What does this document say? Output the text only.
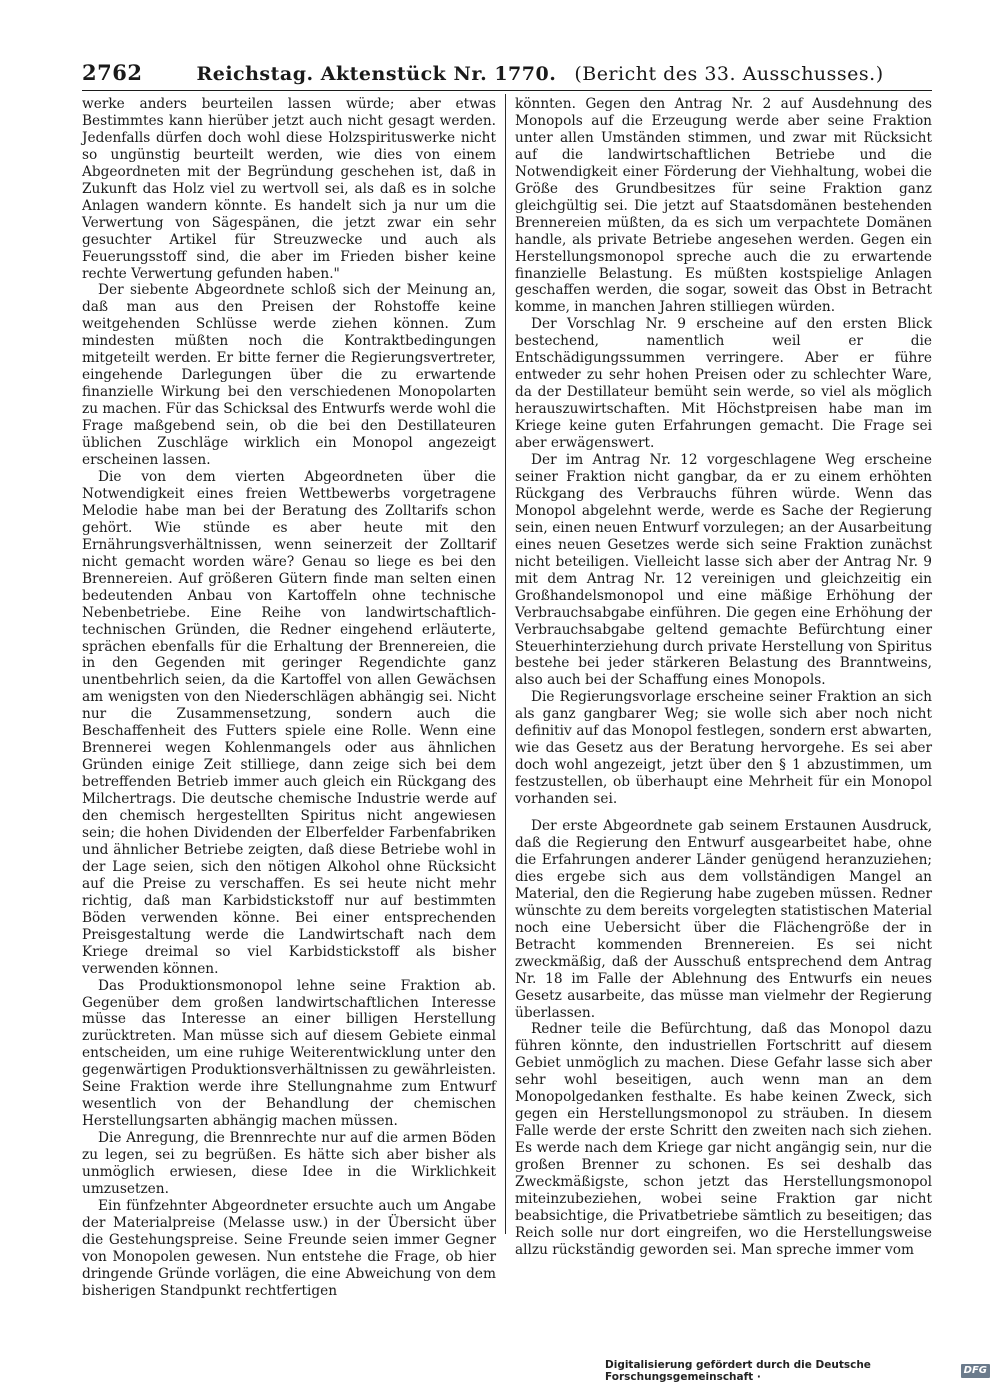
2762	Reichstag. Aktenstück Nr. 1770. (Bericht des 33. Ausschusses.)

werke anders beurteilen lassen würde; aber etwas Bestimmtes kann hierüber jetzt auch nicht gesagt werden. Jedenfalls dürfen doch wohl diese Holzspirituswerke nicht so ungünstig beurteilt werden, wie dies von einem Abgeordneten mit der Begründung geschehen ist, daß in Zukunft das Holz viel zu wertvoll sei, als daß es in solche Anlagen wandern könnte. Es handelt sich ja nur um die Verwertung von Sägespänen, die jetzt zwar ein sehr gesuchter Artikel für Streuzwecke und auch als Feuerungsstoff sind, die aber im Frieden bisher keine rechte Verwertung gefunden haben."

Der siebente Abgeordnete schloß sich der Meinung an, daß man aus den Preisen der Rohstoffe keine weitgehenden Schlüsse werde ziehen können. Zum mindesten müßten noch die Kontraktbedingungen mitgeteilt werden. Er bitte ferner die Regierungsvertreter, eingehende Darlegungen über die zu erwartende finanzielle Wirkung bei den verschiedenen Monopolarten zu machen. Für das Schicksal des Entwurfs werde wohl die Frage maßgebend sein, ob die bei den Destillateuren üblichen Zuschläge wirklich ein Monopol angezeigt erscheinen lassen.

Die von dem vierten Abgeordneten über die Notwendigkeit eines freien Wettbewerbs vorgetragene Melodie habe man bei der Beratung des Zolltarifs schon gehört. Wie stünde es aber heute mit den Ernährungsverhältnissen, wenn seinerzeit der Zolltarif nicht gemacht worden wäre? Genau so liege es bei den Brennereien. Auf größeren Gütern finde man selten einen bedeutenden Anbau von Kartoffeln ohne technische Nebenbetriebe. Eine Reihe von landwirtschaftlich-technischen Gründen, die Redner eingehend erläuterte, sprächen ebenfalls für die Erhaltung der Brennereien, die in den Gegenden mit geringer Regendichte ganz unentbehrlich seien, da die Kartoffel von allen Gewächsen am wenigsten von den Niederschlägen abhängig sei. Nicht nur die Zusammensetzung, sondern auch die Beschaffenheit des Futters spiele eine Rolle. Wenn eine Brennerei wegen Kohlenmangels oder aus ähnlichen Gründen einige Zeit stilliege, dann zeige sich bei dem betreffenden Betrieb immer auch gleich ein Rückgang des Milchertrags. Die deutsche chemische Industrie werde auf den chemisch hergestellten Spiritus nicht angewiesen sein; die hohen Dividenden der Elberfelder Farbenfabriken und ähnlicher Betriebe zeigten, daß diese Betriebe wohl in der Lage seien, sich den nötigen Alkohol ohne Rücksicht auf die Preise zu verschaffen. Es sei heute nicht mehr richtig, daß man Karbidstickstoff nur auf bestimmten Böden verwenden könne. Bei einer entsprechenden Preisgestaltung werde die Landwirtschaft nach dem Kriege dreimal so viel Karbidstickstoff als bisher verwenden können.

Das Produktionsmonopol lehne seine Fraktion ab. Gegenüber dem großen landwirtschaftlichen Interesse müsse das Interesse an einer billigen Herstellung zurücktreten. Man müsse sich auf diesem Gebiete einmal entscheiden, um eine ruhige Weiterentwicklung unter den gegenwärtigen Produktionsverhältnissen zu gewährleisten. Seine Fraktion werde ihre Stellungnahme zum Entwurf wesentlich von der Behandlung der chemischen Herstellungsarten abhängig machen müssen.

Die Anregung, die Brennrechte nur auf die armen Böden zu legen, sei zu begrüßen. Es hätte sich aber bisher als unmöglich erwiesen, diese Idee in die Wirklichkeit umzusetzen.

Ein fünfzehnter Abgeordneter ersuchte auch um Angabe der Materialpreise (Melasse usw.) in der Übersicht über die Gestehungspreise. Seine Freunde seien immer Gegner von Monopolen gewesen. Nun entstehe die Frage, ob hier dringende Gründe vorlägen, die eine Abweichung von dem bisherigen Standpunkt rechtfertigen

könnten. Gegen den Antrag Nr. 2 auf Ausdehnung des Monopols auf die Erzeugung werde aber seine Fraktion unter allen Umständen stimmen, und zwar mit Rücksicht auf die landwirtschaftlichen Betriebe und die Notwendigkeit einer Förderung der Viehhaltung, wobei die Größe des Grundbesitzes für seine Fraktion ganz gleichgültig sei. Die jetzt auf Staatsdomänen bestehenden Brennereien müßten, da es sich um verpachtete Domänen handle, als private Betriebe angesehen werden. Gegen ein Herstellungsmonopol spreche auch die zu erwartende finanzielle Belastung. Es müßten kostspielige Anlagen geschaffen werden, die sogar, soweit das Obst in Betracht komme, in manchen Jahren stilliegen würden.

Der Vorschlag Nr. 9 erscheine auf den ersten Blick bestechend, namentlich weil er die Entschädigungssummen verringere. Aber er führe entweder zu sehr hohen Preisen oder zu schlechter Ware, da der Destillateur bemüht sein werde, so viel als möglich herauszuwirtschaften. Mit Höchstpreisen habe man im Kriege keine guten Erfahrungen gemacht. Die Frage sei aber erwägenswert.

Der im Antrag Nr. 12 vorgeschlagene Weg erscheine seiner Fraktion nicht gangbar, da er zu einem erhöhten Rückgang des Verbrauchs führen würde. Wenn das Monopol abgelehnt werde, werde es Sache der Regierung sein, einen neuen Entwurf vorzulegen; an der Ausarbeitung eines neuen Gesetzes werde sich seine Fraktion zunächst nicht beteiligen. Vielleicht lasse sich aber der Antrag Nr. 9 mit dem Antrag Nr. 12 vereinigen und gleichzeitig ein Großhandelsmonopol und eine mäßige Erhöhung der Verbrauchsabgabe einführen. Die gegen eine Erhöhung der Verbrauchsabgabe geltend gemachte Befürchtung einer Steuerhinterziehung durch private Herstellung von Spiritus bestehe bei jeder stärkeren Belastung des Branntweins, also auch bei der Schaffung eines Monopols.

Die Regierungsvorlage erscheine seiner Fraktion an sich als ganz gangbarer Weg; sie wolle sich aber noch nicht definitiv auf das Monopol festlegen, sondern erst abwarten, wie das Gesetz aus der Beratung hervorgehe. Es sei aber doch wohl angezeigt, jetzt über den § 1 abzustimmen, um festzustellen, ob überhaupt eine Mehrheit für ein Monopol vorhanden sei.

Der erste Abgeordnete gab seinem Erstaunen Ausdruck, daß die Regierung den Entwurf ausgearbeitet habe, ohne die Erfahrungen anderer Länder genügend heranzuziehen; dies ergebe sich aus dem vollständigen Mangel an Material, den die Regierung habe zugeben müssen. Redner wünschte zu dem bereits vorgelegten statistischen Material noch eine Uebersicht über die Flächengröße der in Betracht kommenden Brennereien. Es sei nicht zweckmäßig, daß der Ausschuß entsprechend dem Antrag Nr. 18 im Falle der Ablehnung des Entwurfs ein neues Gesetz ausarbeite, das müsse man vielmehr der Regierung überlassen.

Redner teile die Befürchtung, daß das Monopol dazu führen könnte, den industriellen Fortschritt auf diesem Gebiet unmöglich zu machen. Diese Gefahr lasse sich aber sehr wohl beseitigen, auch wenn man an dem Monopolgedanken festhalte. Es habe keinen Zweck, sich gegen ein Herstellungsmonopol zu sträuben. In diesem Falle werde der erste Schritt den zweiten nach sich ziehen. Es werde nach dem Kriege gar nicht angängig sein, nur die großen Brenner zu schonen. Es sei deshalb das Zweckmäßigste, schon jetzt das Herstellungsmonopol miteinzubeziehen, wobei seine Fraktion gar nicht beabsichtige, die Privatbetriebe sämtlich zu beseitigen; das Reich solle nur dort eingreifen, wo die Herstellungsweise allzu rückständig geworden sei. Man spreche immer vom

Digitalisierung gefördert durch die Deutsche Forschungsgemeinschaft ·
DFG
